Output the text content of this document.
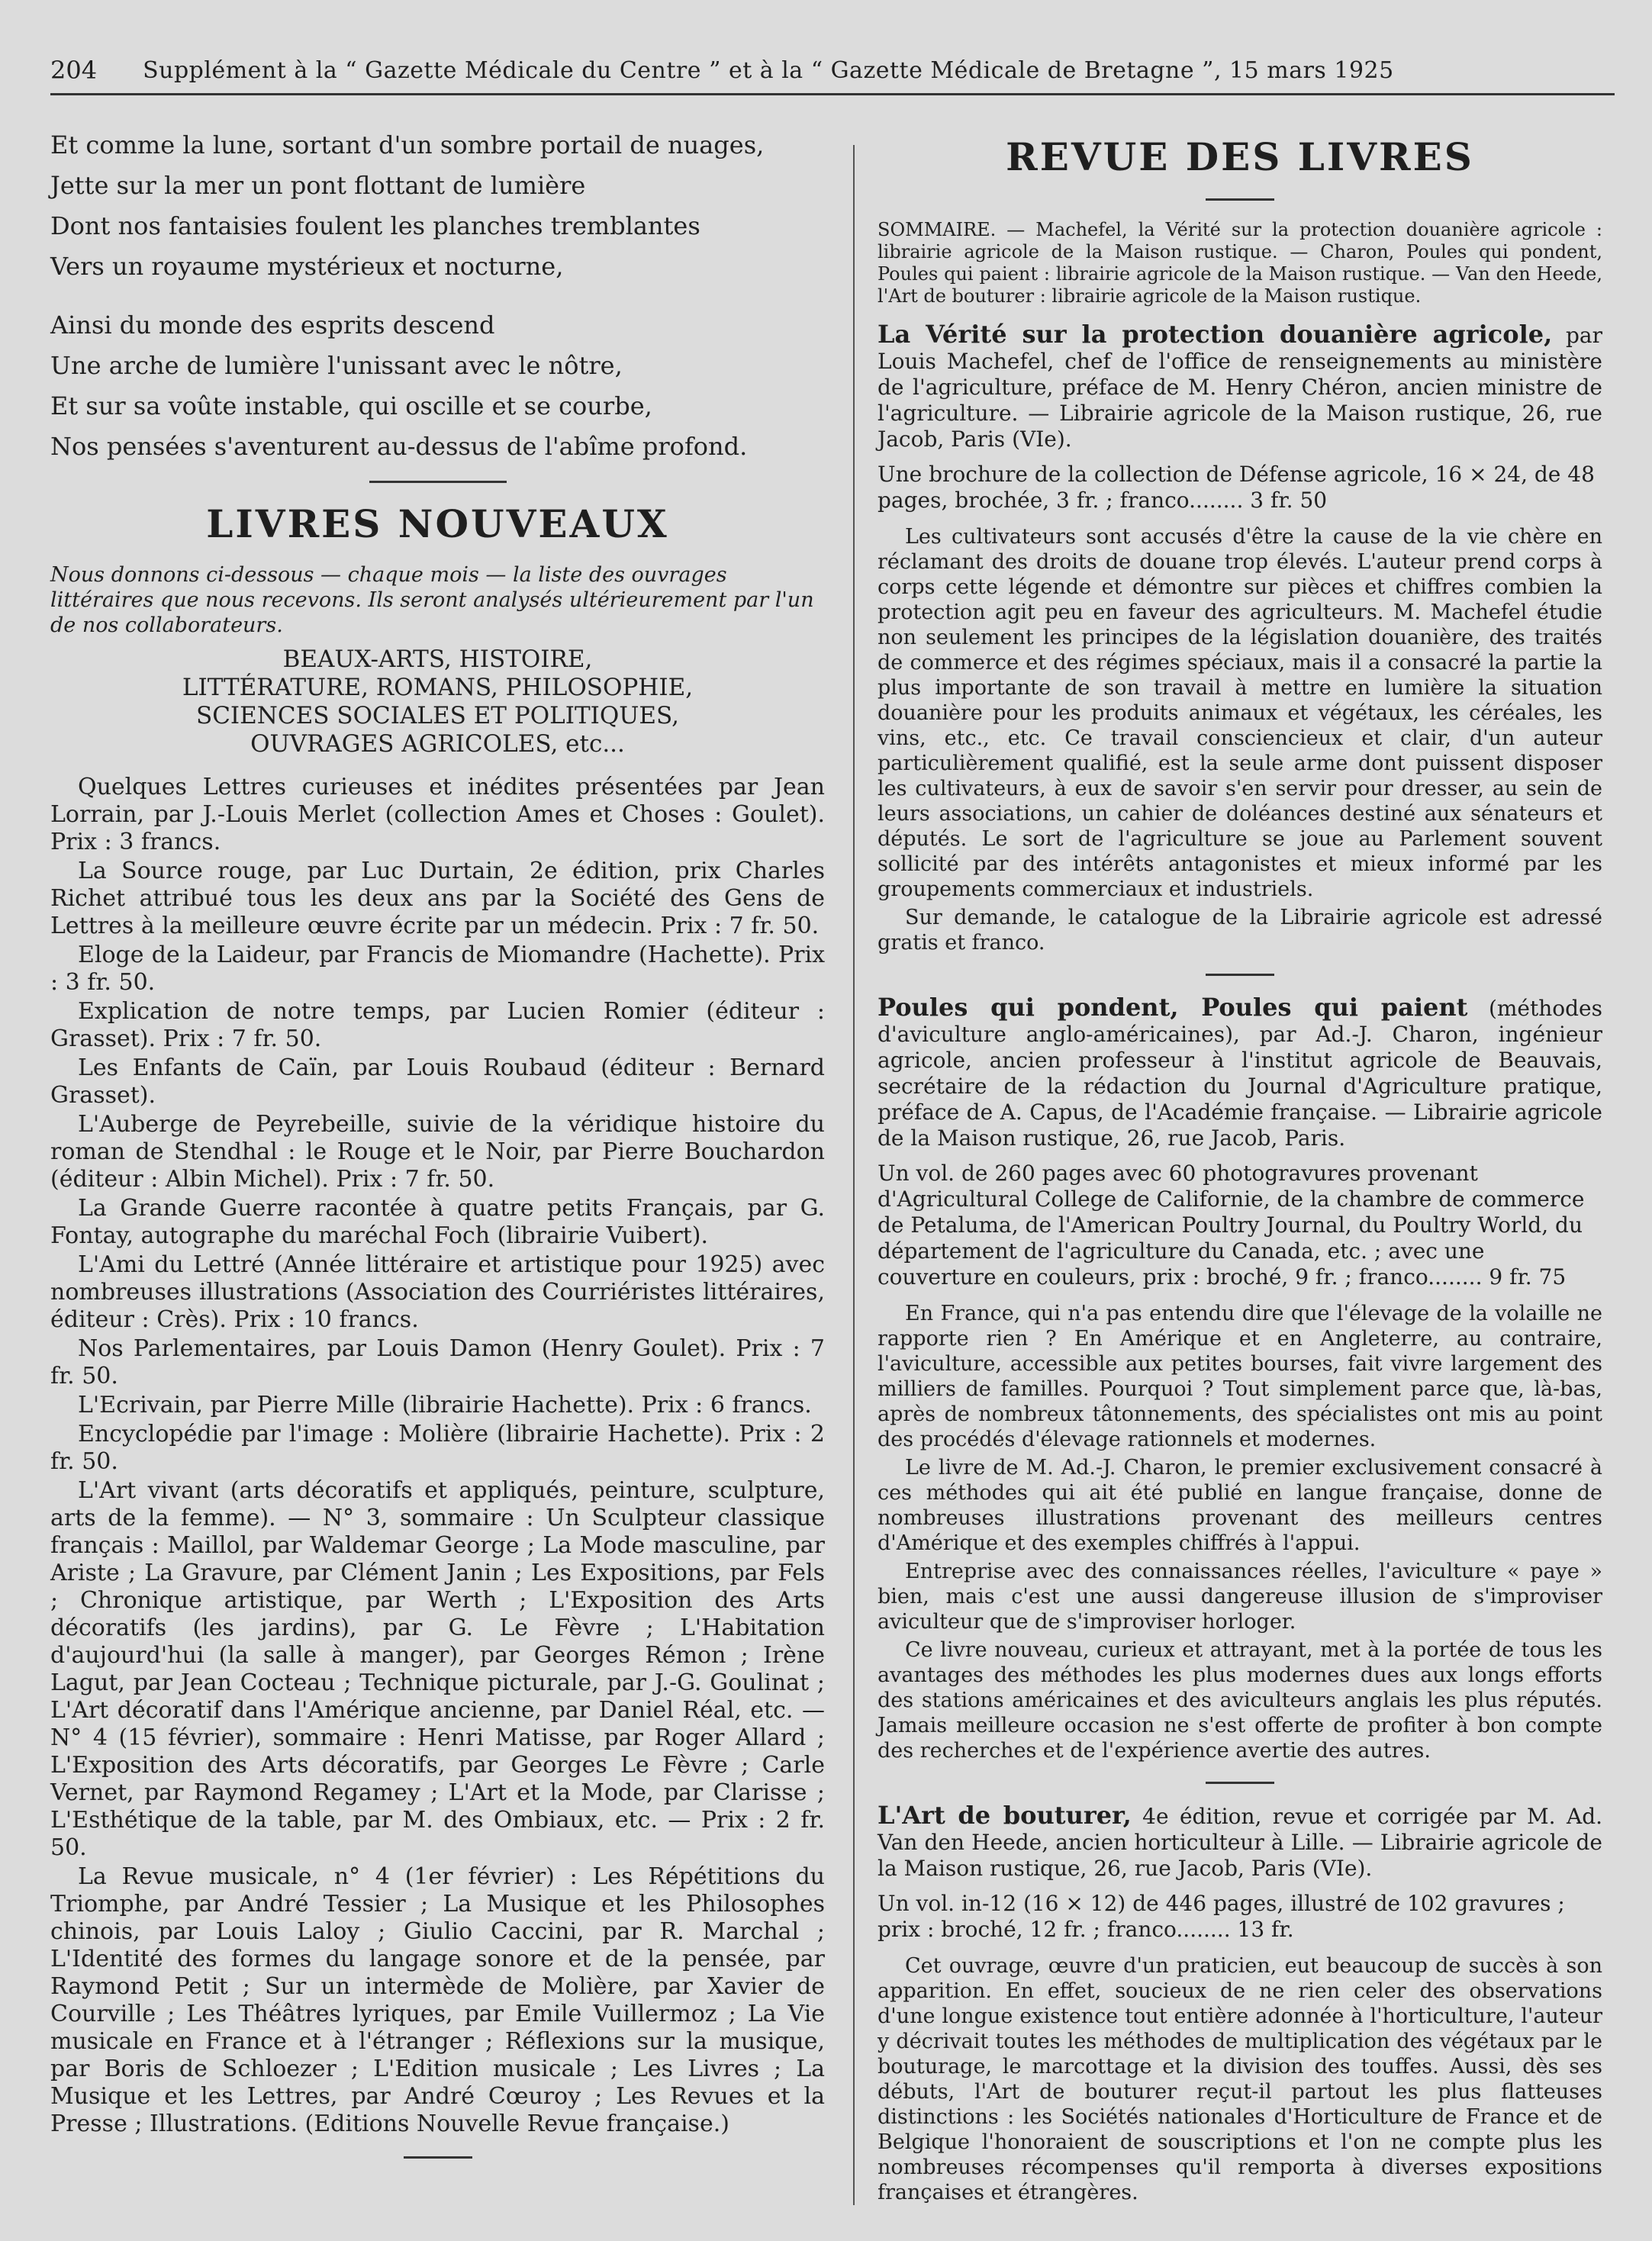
204 Supplément à la “ Gazette Médicale du Centre ” et à la “ Gazette Médicale de Bretagne ”, 15 mars 1925

Et comme la lune, sortant d'un sombre portail de nuages,

Jette sur la mer un pont flottant de lumière

Dont nos fantaisies foulent les planches tremblantes

Vers un royaume mystérieux et nocturne,

Ainsi du monde des esprits descend

Une arche de lumière l'unissant avec le nôtre,

Et sur sa voûte instable, qui oscille et se courbe,

Nos pensées s'aventurent au-dessus de l'abîme profond.

LIVRES NOUVEAUX

Nous donnons ci-dessous — chaque mois — la liste des ouvrages littéraires que nous recevons. Ils seront analysés ultérieurement par l'un de nos collaborateurs.

BEAUX-ARTS, HISTOIRE,
LITTÉRATURE, ROMANS, PHILOSOPHIE,
SCIENCES SOCIALES ET POLITIQUES,
OUVRAGES AGRICOLES, etc...

Quelques Lettres curieuses et inédites présentées par Jean Lorrain, par J.-Louis Merlet (collection Ames et Choses : Goulet). Prix : 3 francs.

La Source rouge, par Luc Durtain, 2e édition, prix Charles Richet attribué tous les deux ans par la Société des Gens de Lettres à la meilleure œuvre écrite par un médecin. Prix : 7 fr. 50.

Eloge de la Laideur, par Francis de Miomandre (Hachette). Prix : 3 fr. 50.

Explication de notre temps, par Lucien Romier (éditeur : Grasset). Prix : 7 fr. 50.

Les Enfants de Caïn, par Louis Roubaud (éditeur : Bernard Grasset).

L'Auberge de Peyrebeille, suivie de la véridique histoire du roman de Stendhal : le Rouge et le Noir, par Pierre Bouchardon (éditeur : Albin Michel). Prix : 7 fr. 50.

La Grande Guerre racontée à quatre petits Français, par G. Fontay, autographe du maréchal Foch (librairie Vuibert).

L'Ami du Lettré (Année littéraire et artistique pour 1925) avec nombreuses illustrations (Association des Courriéristes littéraires, éditeur : Crès). Prix : 10 francs.

Nos Parlementaires, par Louis Damon (Henry Goulet). Prix : 7 fr. 50.

L'Ecrivain, par Pierre Mille (librairie Hachette). Prix : 6 francs.

Encyclopédie par l'image : Molière (librairie Hachette). Prix : 2 fr. 50.

L'Art vivant (arts décoratifs et appliqués, peinture, sculpture, arts de la femme). — N° 3, sommaire : Un Sculpteur classique français : Maillol, par Waldemar George ; La Mode masculine, par Ariste ; La Gravure, par Clément Janin ; Les Expositions, par Fels ; Chronique artistique, par Werth ; L'Exposition des Arts décoratifs (les jardins), par G. Le Fèvre ; L'Habitation d'aujourd'hui (la salle à manger), par Georges Rémon ; Irène Lagut, par Jean Cocteau ; Technique picturale, par J.-G. Goulinat ; L'Art décoratif dans l'Amérique ancienne, par Daniel Réal, etc. — N° 4 (15 février), sommaire : Henri Matisse, par Roger Allard ; L'Exposition des Arts décoratifs, par Georges Le Fèvre ; Carle Vernet, par Raymond Regamey ; L'Art et la Mode, par Clarisse ; L'Esthétique de la table, par M. des Ombiaux, etc. — Prix : 2 fr. 50.

La Revue musicale, n° 4 (1er février) : Les Répétitions du Triomphe, par André Tessier ; La Musique et les Philosophes chinois, par Louis Laloy ; Giulio Caccini, par R. Marchal ; L'Identité des formes du langage sonore et de la pensée, par Raymond Petit ; Sur un intermède de Molière, par Xavier de Courville ; Les Théâtres lyriques, par Emile Vuillermoz ; La Vie musicale en France et à l'étranger ; Réflexions sur la musique, par Boris de Schloezer ; L'Edition musicale ; Les Livres ; La Musique et les Lettres, par André Cœuroy ; Les Revues et la Presse ; Illustrations. (Editions Nouvelle Revue française.)

REVUE DES LIVRES

SOMMAIRE. — Machefel, la Vérité sur la protection douanière agricole : librairie agricole de la Maison rustique. — Charon, Poules qui pondent, Poules qui paient : librairie agricole de la Maison rustique. — Van den Heede, l'Art de bouturer : librairie agricole de la Maison rustique.

La Vérité sur la protection douanière agricole, par Louis Machefel, chef de l'office de renseignements au ministère de l'agriculture, préface de M. Henry Chéron, ancien ministre de l'agriculture. — Librairie agricole de la Maison rustique, 26, rue Jacob, Paris (VIe).

Une brochure de la collection de Défense agricole, 16 × 24, de 48 pages, brochée, 3 fr. ; franco........ 3 fr. 50

Les cultivateurs sont accusés d'être la cause de la vie chère en réclamant des droits de douane trop élevés. L'auteur prend corps à corps cette légende et démontre sur pièces et chiffres combien la protection agit peu en faveur des agriculteurs. M. Machefel étudie non seulement les principes de la législation douanière, des traités de commerce et des régimes spéciaux, mais il a consacré la partie la plus importante de son travail à mettre en lumière la situation douanière pour les produits animaux et végétaux, les céréales, les vins, etc., etc. Ce travail consciencieux et clair, d'un auteur particulièrement qualifié, est la seule arme dont puissent disposer les cultivateurs, à eux de savoir s'en servir pour dresser, au sein de leurs associations, un cahier de doléances destiné aux sénateurs et députés. Le sort de l'agriculture se joue au Parlement souvent sollicité par des intérêts antagonistes et mieux informé par les groupements commerciaux et industriels.

Sur demande, le catalogue de la Librairie agricole est adressé gratis et franco.

Poules qui pondent, Poules qui paient (méthodes d'aviculture anglo-américaines), par Ad.-J. Charon, ingénieur agricole, ancien professeur à l'institut agricole de Beauvais, secrétaire de la rédaction du Journal d'Agriculture pratique, préface de A. Capus, de l'Académie française. — Librairie agricole de la Maison rustique, 26, rue Jacob, Paris.

Un vol. de 260 pages avec 60 photogravures provenant d'Agricultural College de Californie, de la chambre de commerce de Petaluma, de l'American Poultry Journal, du Poultry World, du département de l'agriculture du Canada, etc. ; avec une couverture en couleurs, prix : broché, 9 fr. ; franco........ 9 fr. 75

En France, qui n'a pas entendu dire que l'élevage de la volaille ne rapporte rien ? En Amérique et en Angleterre, au contraire, l'aviculture, accessible aux petites bourses, fait vivre largement des milliers de familles. Pourquoi ? Tout simplement parce que, là-bas, après de nombreux tâtonnements, des spécialistes ont mis au point des procédés d'élevage rationnels et modernes.

Le livre de M. Ad.-J. Charon, le premier exclusivement consacré à ces méthodes qui ait été publié en langue française, donne de nombreuses illustrations provenant des meilleurs centres d'Amérique et des exemples chiffrés à l'appui.

Entreprise avec des connaissances réelles, l'aviculture « paye » bien, mais c'est une aussi dangereuse illusion de s'improviser aviculteur que de s'improviser horloger.

Ce livre nouveau, curieux et attrayant, met à la portée de tous les avantages des méthodes les plus modernes dues aux longs efforts des stations américaines et des aviculteurs anglais les plus réputés. Jamais meilleure occasion ne s'est offerte de profiter à bon compte des recherches et de l'expérience avertie des autres.

L'Art de bouturer, 4e édition, revue et corrigée par M. Ad. Van den Heede, ancien horticulteur à Lille. — Librairie agricole de la Maison rustique, 26, rue Jacob, Paris (VIe).

Un vol. in-12 (16 × 12) de 446 pages, illustré de 102 gravures ; prix : broché, 12 fr. ; franco........ 13 fr.

Cet ouvrage, œuvre d'un praticien, eut beaucoup de succès à son apparition. En effet, soucieux de ne rien celer des observations d'une longue existence tout entière adonnée à l'horticulture, l'auteur y décrivait toutes les méthodes de multiplication des végétaux par le bouturage, le marcottage et la division des touffes. Aussi, dès ses débuts, l'Art de bouturer reçut-il partout les plus flatteuses distinctions : les Sociétés nationales d'Horticulture de France et de Belgique l'honoraient de souscriptions et l'on ne compte plus les nombreuses récompenses qu'il remporta à diverses expositions françaises et étrangères.
